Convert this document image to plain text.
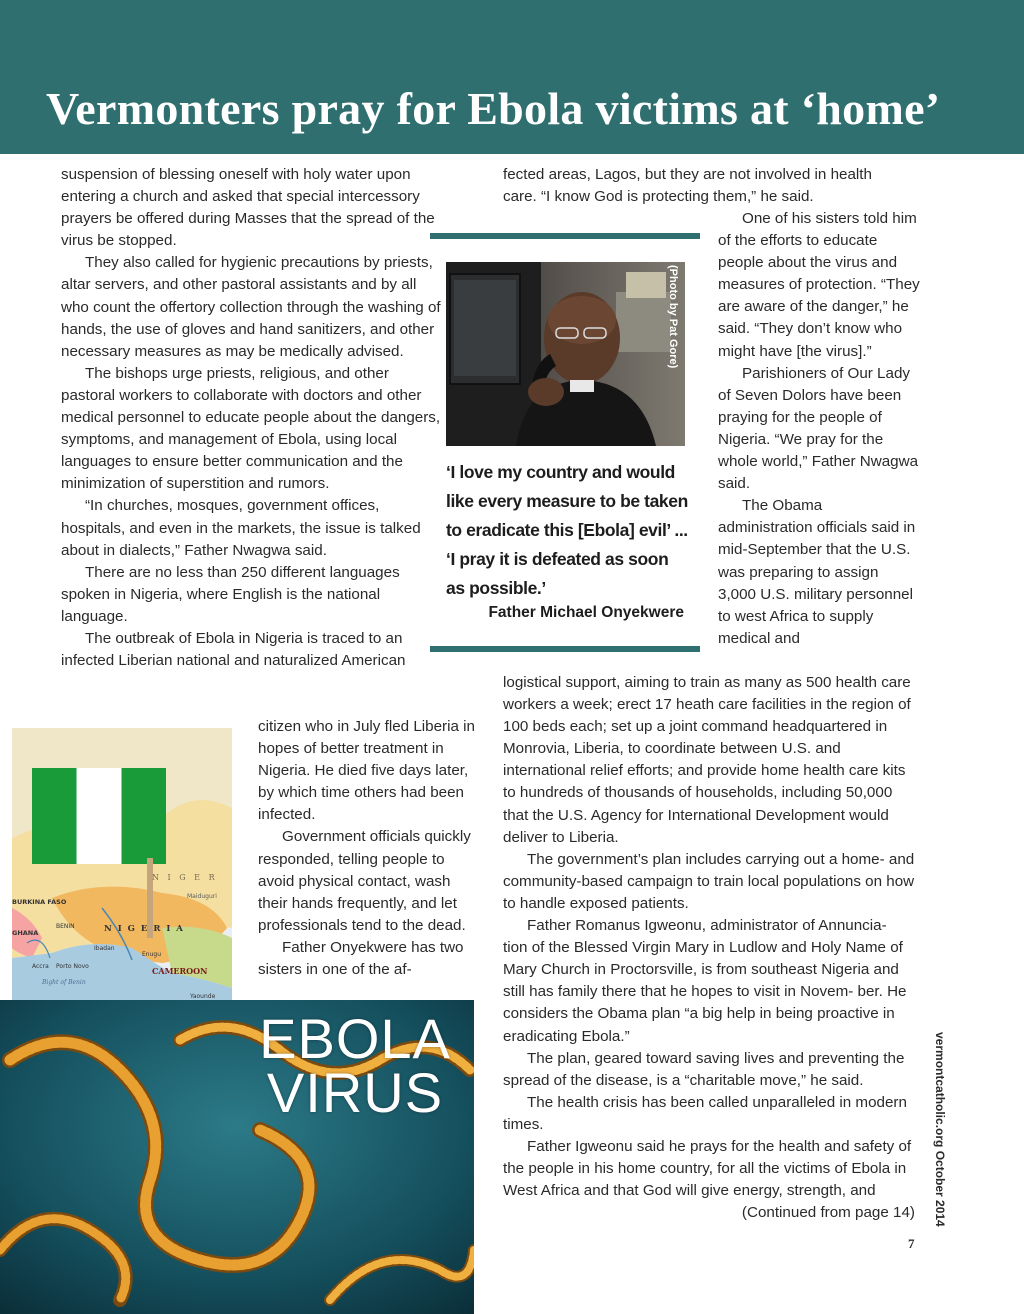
Vermonters pray for Ebola victims at ‘home’

suspension of blessing oneself with holy water upon entering a church and asked that special intercessory prayers be offered during Masses that the spread of the virus be stopped.

They also called for hygienic precautions by priests, altar servers, and other pastoral assistants and by all who count the offertory collection through the washing of hands, the use of gloves and hand sanitizers, and other necessary measures as may be medically advised.

The bishops urge priests, religious, and other pastoral workers to collaborate with doctors and other medical personnel to educate people about the dangers, symptoms, and management of Ebola, using local languages to ensure better communication and the minimization of superstition and rumors.

“In churches, mosques, government offices, hospitals, and even in the markets, the issue is talked about in dialects,” Father Nwagwa said.

There are no less than 250 different languages spoken in Nigeria, where English is the national language.

The outbreak of Ebola in Nigeria is traced to an infected Liberian national and naturalized American

citizen who in July fled Liberia in hopes of better treatment in Nigeria. He died five days later, by which time others had been infected.

Government officials quickly responded, telling people to avoid physical contact, wash their hands frequently, and let professionals tend to the dead.

Father Onyekwere has two sisters in one of the af-

fected areas, Lagos, but they are not involved in health care. “I know God is protecting them,” he said.

One of his sisters told him of the efforts to educate people about the virus and measures of protection. “They are aware of the danger,” he said. “They don’t know who might have [the virus].”

Parishioners of Our Lady of Seven Dolors have been praying for the people of Nigeria. “We pray for the whole world,” Father Nwagwa said.

The Obama administration officials said in mid-September that the U.S. was preparing to assign 3,000 U.S. military personnel to west Africa to supply medical and

logistical support, aiming to train as many as 500 health care workers a week; erect 17 heath care facilities in the region of 100 beds each; set up a joint command headquartered in Monrovia, Liberia, to coordinate between U.S. and international relief efforts; and provide home health care kits to hundreds of thousands of households, including 50,000 that the U.S. Agency for International Development would deliver to Liberia.

The government’s plan includes carrying out a home- and community-based campaign to train local populations on how to handle exposed patients.

Father Romanus Igweonu, administrator of Annuncia- tion of the Blessed Virgin Mary in Ludlow and Holy Name of Mary Church in Proctorsville, is from southeast Nigeria and still has family there that he hopes to visit in Novem- ber. He considers the Obama plan “a big help in being proactive in eradicating Ebola.”

The plan, geared toward saving lives and preventing the spread of the disease, is a “charitable move,” he said.

The health crisis has been called unparalleled in modern times.

Father Igweonu said he prays for the health and safety of the people in his home country, for all the victims of Ebola in West Africa and that God will give energy, strength, and

(Continued from page 14)

(Photo by Pat Gore)
‘I love my country and would like every measure to be taken to eradicate this [Ebola] evil’ ... ‘I pray it is defeated as soon as possible.’
Father Michael Onyekwere
N I G E R
Maiduguri
BURKINA FASO
BENIN	N I G E R I A
GHANA
Ibadan
Enugu
Accra Porto Novo	CAMEROON
Yaounde
Bight of Benin
EBOLA
VIRUS	vermontcatholic.org October 2014
7
